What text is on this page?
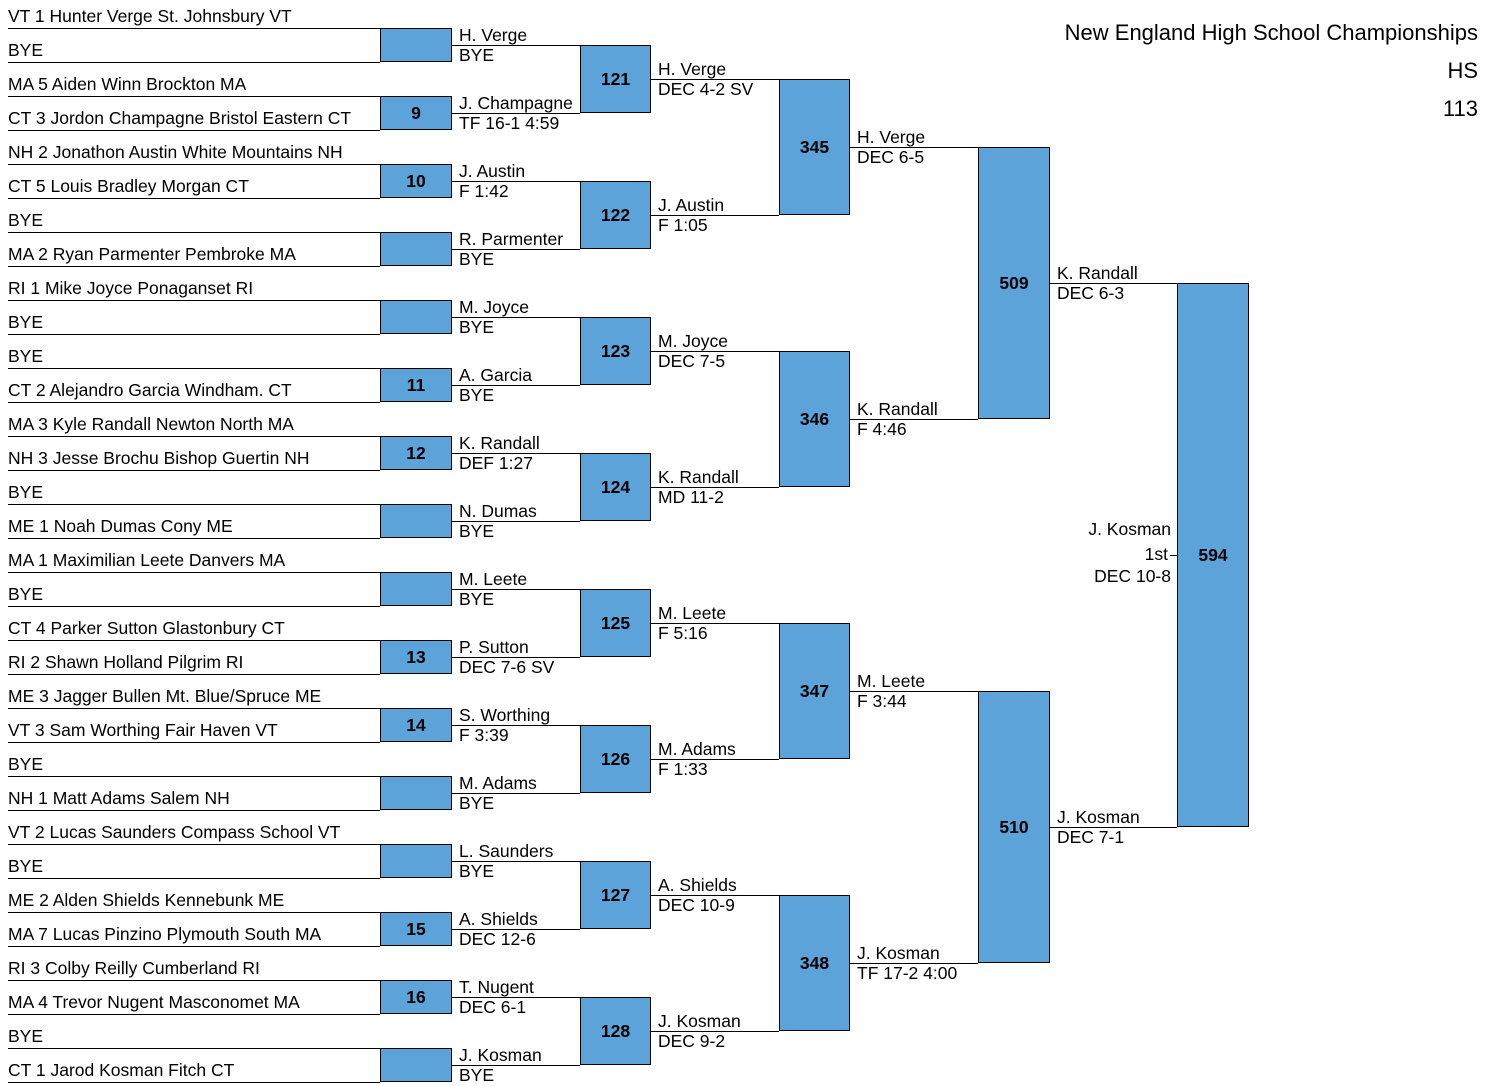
New England High School Championships
HS
113
VT 1 Hunter Verge St. Johnsbury VT
BYE
MA 5 Aiden Winn Brockton MA
CT 3 Jordon Champagne Bristol Eastern CT
NH 2 Jonathon Austin White Mountains NH
CT 5 Louis Bradley Morgan CT
BYE
MA 2 Ryan Parmenter Pembroke MA
RI 1 Mike Joyce Ponaganset RI
BYE
BYE
CT 2 Alejandro Garcia Windham. CT
MA 3 Kyle Randall Newton North MA
NH 3 Jesse Brochu Bishop Guertin NH
BYE
ME 1 Noah Dumas Cony ME
MA 1 Maximilian Leete Danvers MA
BYE
CT 4 Parker Sutton Glastonbury CT
RI 2 Shawn Holland Pilgrim RI
ME 3 Jagger Bullen Mt. Blue/Spruce ME
VT 3 Sam Worthing Fair Haven VT
BYE
NH 1 Matt Adams Salem NH
VT 2 Lucas Saunders Compass School VT
BYE
ME 2 Alden Shields Kennebunk ME
MA 7 Lucas Pinzino Plymouth South MA
RI 3 Colby Reilly Cumberland RI
MA 4 Trevor Nugent Masconomet MA
BYE
CT 1 Jarod Kosman Fitch CT
H. Verge
BYE
9 J. Champagne
TF 16-1 4:59
10 J. Austin
F 1:42
R. Parmenter
BYE
M. Joyce
BYE
11 A. Garcia
BYE
12 K. Randall
DEF 1:27
N. Dumas
BYE
M. Leete
BYE
13 P. Sutton
DEC 7-6 SV
14 S. Worthing
F 3:39
M. Adams
BYE
L. Saunders
BYE
15 A. Shields
DEC 12-6
16 T. Nugent
DEC 6-1
J. Kosman
BYE
121 H. Verge
DEC 4-2 SV
122 J. Austin
F 1:05
123 M. Joyce
DEC 7-5
124 K. Randall
MD 11-2
125 M. Leete
F 5:16
126 M. Adams
F 1:33
127 A. Shields
DEC 10-9
128 J. Kosman
DEC 9-2
345 H. Verge
DEC 6-5
346 K. Randall
F 4:46
347 M. Leete
F 3:44
348 J. Kosman
TF 17-2 4:00
509 K. Randall
DEC 6-3
510 J. Kosman
DEC 7-1
594
J. Kosman
1st
DEC 10-8
